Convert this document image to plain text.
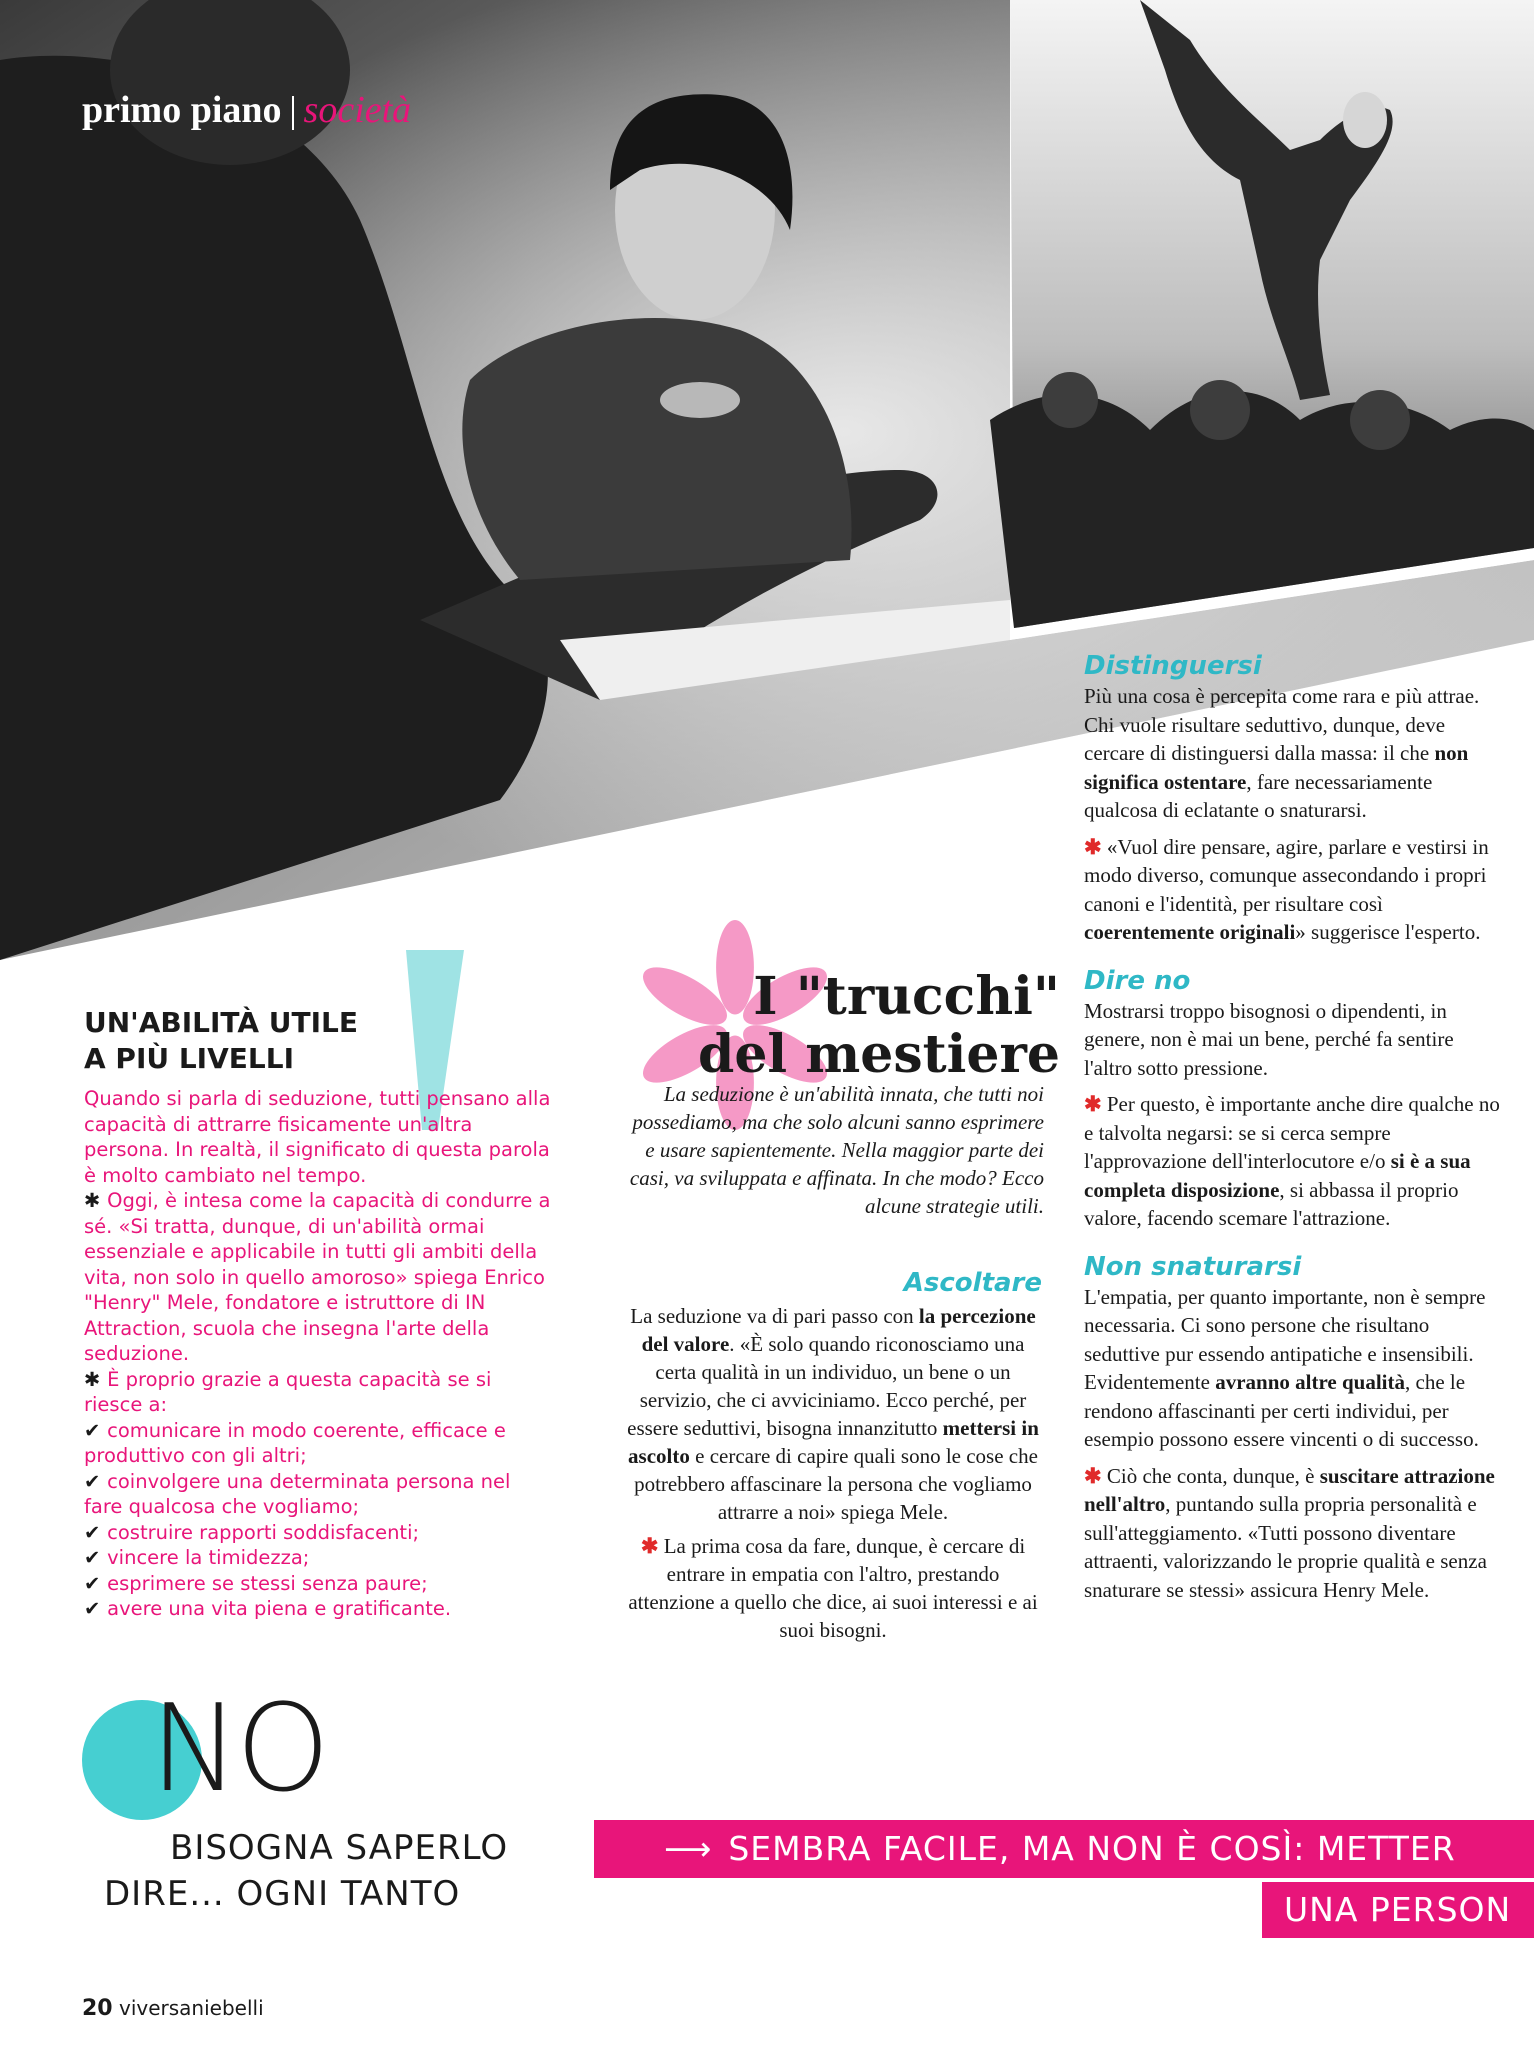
primo piano società
UN'ABILITÀ UTILE
A PIÙ LIVELLI

Quando si parla di seduzione, tutti pensano alla capacità di attrarre fisicamente un'altra persona. In realtà, il significato di questa parola è molto cambiato nel tempo.

✱ Oggi, è intesa come la capacità di condurre a sé. «Si tratta, dunque, di un'abilità ormai essenziale e applicabile in tutti gli ambiti della vita, non solo in quello amoroso» spiega Enrico "Henry" Mele, fondatore e istruttore di IN Attraction, scuola che insegna l'arte della seduzione.

✱ È proprio grazie a questa capacità se si riesce a:

✔ comunicare in modo coerente, efficace e produttivo con gli altri;

✔ coinvolgere una determinata persona nel fare qualcosa che vogliamo;

✔ costruire rapporti soddisfacenti;

✔ vincere la timidezza;

✔ esprimere se stessi senza paure;

✔ avere una vita piena e gratificante.

NO
BISOGNA SAPERLO
DIRE... OGNI TANTO
20 viversaniebelli
I "trucchi"
del mestiere
La seduzione è un'abilità innata, che tutti noi possediamo, ma che solo alcuni sanno esprimere e usare sapientemente. Nella maggior parte dei casi, va sviluppata e affinata. In che modo? Ecco alcune strategie utili.
Ascoltare

La seduzione va di pari passo con la percezione del valore. «È solo quando riconosciamo una certa qualità in un individuo, un bene o un servizio, che ci avviciniamo. Ecco perché, per essere seduttivi, bisogna innanzitutto mettersi in ascolto e cercare di capire quali sono le cose che potrebbero affascinare la persona che vogliamo attrarre a noi» spiega Mele.

✱ La prima cosa da fare, dunque, è cercare di entrare in empatia con l'altro, prestando attenzione a quello che dice, ai suoi interessi e ai suoi bisogni.

Distinguersi

Più una cosa è percepita come rara e più attrae. Chi vuole risultare seduttivo, dunque, deve cercare di distinguersi dalla massa: il che non significa ostentare, fare necessariamente qualcosa di eclatante o snaturarsi.

✱ «Vuol dire pensare, agire, parlare e vestirsi in modo diverso, comunque assecondando i propri canoni e l'identità, per risultare così coerentemente originali» suggerisce l'esperto.

Dire no

Mostrarsi troppo bisognosi o dipendenti, in genere, non è mai un bene, perché fa sentire l'altro sotto pressione.

✱ Per questo, è importante anche dire qualche no e talvolta negarsi: se si cerca sempre l'approvazione dell'interlocutore e/o si è a sua completa disposizione, si abbassa il proprio valore, facendo scemare l'attrazione.

Non snaturarsi

L'empatia, per quanto importante, non è sempre necessaria. Ci sono persone che risultano seduttive pur essendo antipatiche e insensibili. Evidentemente avranno altre qualità, che le rendono affascinanti per certi individui, per esempio possono essere vincenti o di successo.

✱ Ciò che conta, dunque, è suscitare attrazione nell'altro, puntando sulla propria personalità e sull'atteggiamento. «Tutti possono diventare attraenti, valorizzando le proprie qualità e senza snaturare se stessi» assicura Henry Mele.

⟶ SEMBRA FACILE, MA NON È COSÌ: METTER
UNA PERSON
